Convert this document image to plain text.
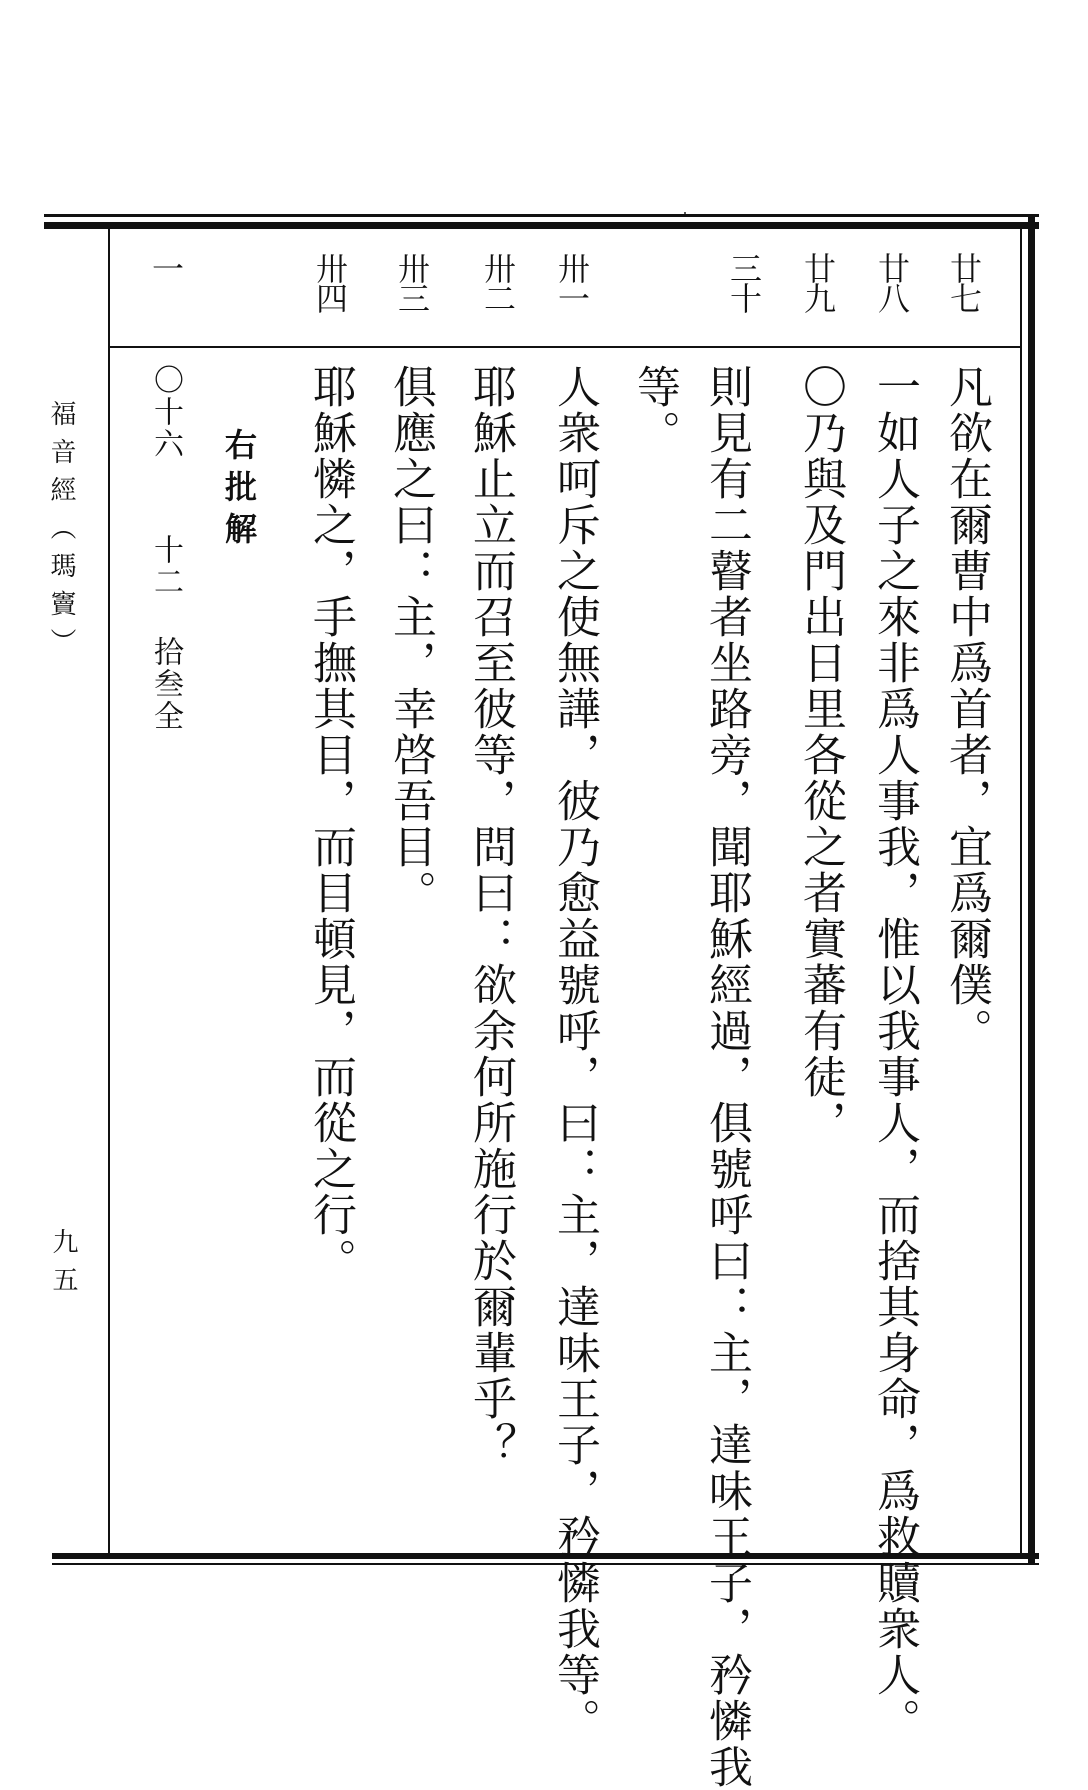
福音經（瑪竇）
九五
廿七
廿八
廿九
三十
卅一
卅二
卅三
卅四
一
凡欲在爾曹中爲首者，宜爲爾僕。
一如人子之來非爲人事我，惟以我事人，而捨其身命，爲救贖衆人。
〇乃與及門出日里各從之者實蕃有徒，
則見有二瞽者坐路旁，聞耶穌經過，俱號呼曰：主，達味王子，矜憐我
等。
人衆呵斥之使無譁，彼乃愈益號呼，曰：主，達味王子，矜憐我等。
耶穌止立而召至彼等，問曰：欲余何所施行於爾輩乎？
俱應之曰：主，幸啓吾目。
耶穌憐之，手撫其目，而目頓見，而從之行。
右批解
〇十六
十二
拾叁全
